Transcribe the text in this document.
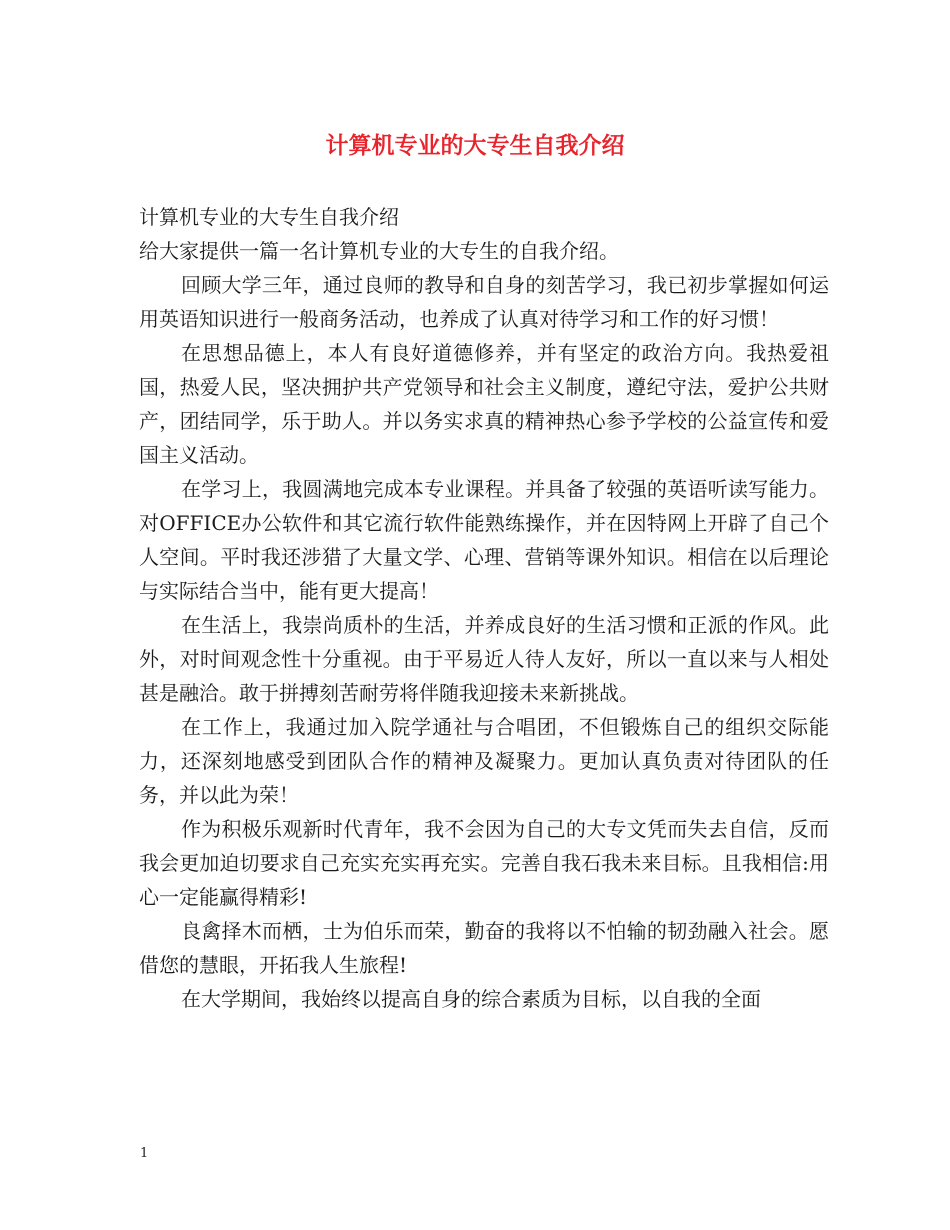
计算机专业的大专生自我介绍

计算机专业的大专生自我介绍

给大家提供一篇一名计算机专业的大专生的自我介绍。

回顾大学三年，通过良师的教导和自身的刻苦学习，我已初步掌握如何运用英语知识进行一般商务活动，也养成了认真对待学习和工作的好习惯！

在思想品德上，本人有良好道德修养，并有坚定的政治方向。我热爱祖国，热爱人民，坚决拥护共产党领导和社会主义制度，遵纪守法，爱护公共财产，团结同学，乐于助人。并以务实求真的精神热心参予学校的公益宣传和爱国主义活动。

在学习上，我圆满地完成本专业课程。并具备了较强的英语听读写能力。对OFFICE办公软件和其它流行软件能熟练操作，并在因特网上开辟了自己个人空间。平时我还涉猎了大量文学、心理、营销等课外知识。相信在以后理论与实际结合当中，能有更大提高！

在生活上，我崇尚质朴的生活，并养成良好的生活习惯和正派的作风。此外，对时间观念性十分重视。由于平易近人待人友好，所以一直以来与人相处甚是融洽。敢于拼搏刻苦耐劳将伴随我迎接未来新挑战。

在工作上，我通过加入院学通社与合唱团，不但锻炼自己的组织交际能力，还深刻地感受到团队合作的精神及凝聚力。更加认真负责对待团队的任务，并以此为荣！

作为积极乐观新时代青年，我不会因为自己的大专文凭而失去自信，反而我会更加迫切要求自己充实充实再充实。完善自我石我未来目标。且我相信:用心一定能赢得精彩!

良禽择木而栖，士为伯乐而荣，勤奋的我将以不怕输的韧劲融入社会。愿借您的慧眼，开拓我人生旅程!

在大学期间，我始终以提高自身的综合素质为目标，以自我的全面

1
